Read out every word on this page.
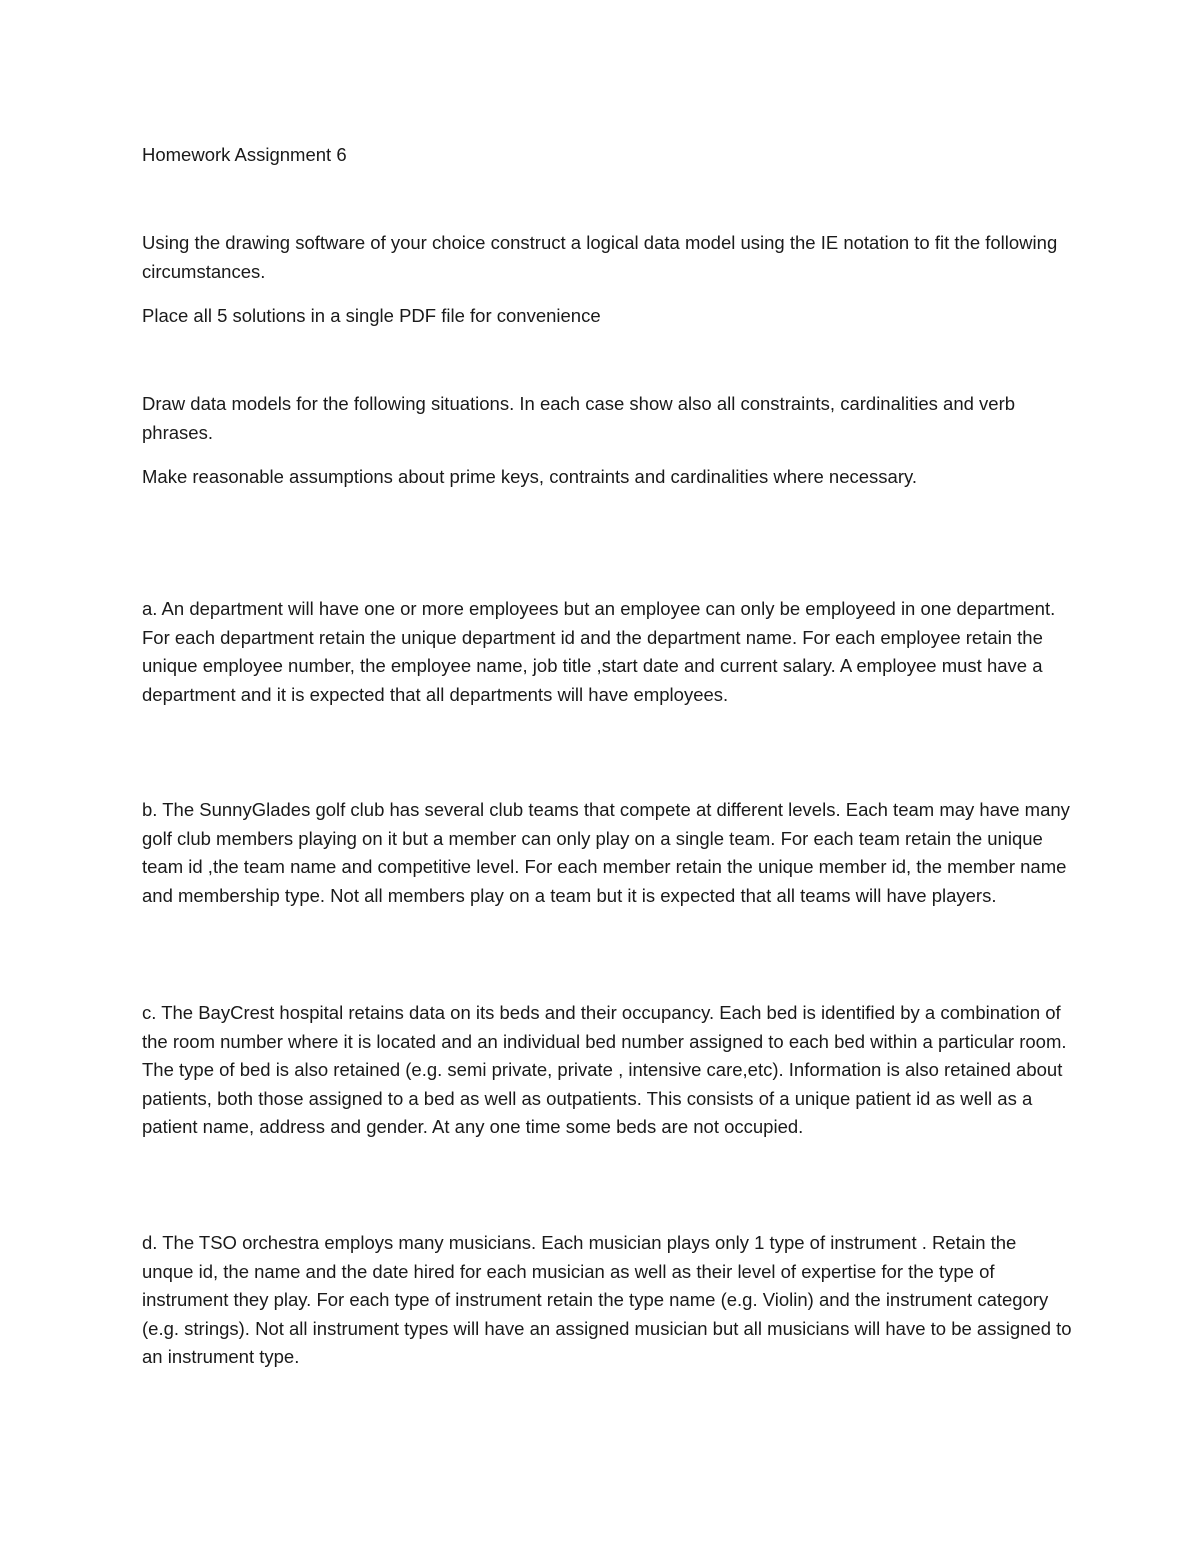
Homework Assignment 6

Using the drawing software of your choice construct a logical data model using the IE notation to fit the following circumstances.

Place all 5 solutions in a single PDF file for convenience

Draw data models for the following situations. In each case show also all constraints, cardinalities and verb phrases.

Make reasonable assumptions about prime keys, contraints and cardinalities where necessary.

a. An department will have one or more employees but an employee can only be employeed in one department. For each department retain the unique department id and the department name. For each employee retain the unique employee number, the employee name, job title ,start date and current salary. A employee must have a department and it is expected that all departments will have employees.

b. The SunnyGlades golf club has several club teams that compete at different levels. Each team may have many golf club members playing on it but a member can only play on a single team. For each team retain the unique team id ,the team name and competitive level. For each member retain the unique member id, the member name and membership type. Not all members play on a team but it is expected that all teams will have players.

c. The BayCrest hospital retains data on its beds and their occupancy. Each bed is identified by a combination of the room number where it is located and an individual bed number assigned to each bed within a particular room. The type of bed is also retained (e.g. semi private, private , intensive care,etc). Information is also retained about patients, both those assigned to a bed as well as outpatients. This consists of a unique patient id as well as a patient name, address and gender. At any one time some beds are not occupied.

d. The TSO orchestra employs many musicians. Each musician plays only 1 type of instrument . Retain the unque id, the name and the date hired for each musician as well as their level of expertise for the type of instrument they play. For each type of instrument retain the type name (e.g. Violin) and the instrument category (e.g. strings). Not all instrument types will have an assigned musician but all musicians will have to be assigned to an instrument type.
